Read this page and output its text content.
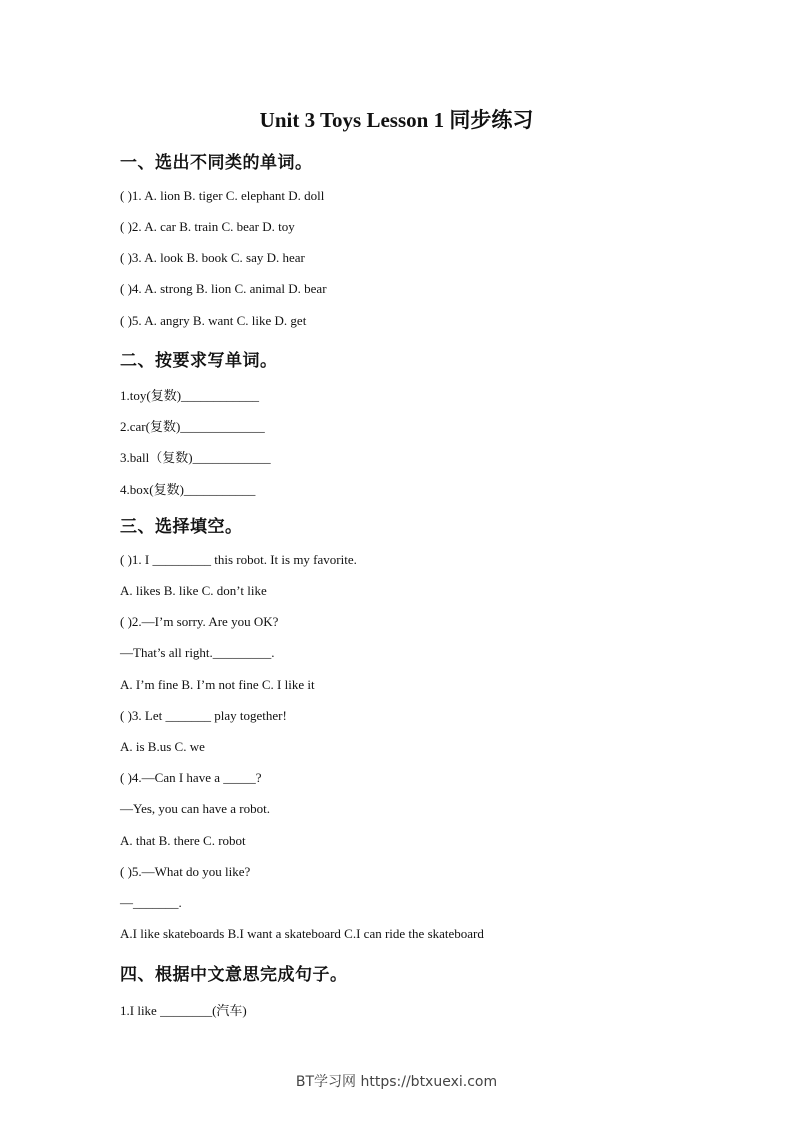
Unit 3 Toys Lesson 1 同步练习
一、选出不同类的单词。
( )1. A. lion B. tiger C. elephant D. doll
( )2. A. car B. train C. bear D. toy
( )3. A. look B. book C. say D. hear
( )4. A. strong B. lion C. animal D. bear
( )5. A. angry B. want C. like D. get
二、按要求写单词。
1.toy(复数)____________
2.car(复数)_____________
3.ball（复数)____________
4.box(复数)___________
三、选择填空。
( )1. I _________ this robot. It is my favorite.
A. likes B. like C. don’t like
( )2.—I’m sorry. Are you OK?
—That’s all right._________.
A. I’m fine B. I’m not fine C. I like it
( )3. Let _______ play together!
A. is B.us C. we
( )4.—Can I have a _____?
—Yes, you can have a robot.
A. that B. there C. robot
( )5.—What do you like?
—_______.
A.I like skateboards B.I want a skateboard C.I can ride the skateboard
四、根据中文意思完成句子。
1.I like ________(汽车)
BT学习网 https://btxuexi.com
